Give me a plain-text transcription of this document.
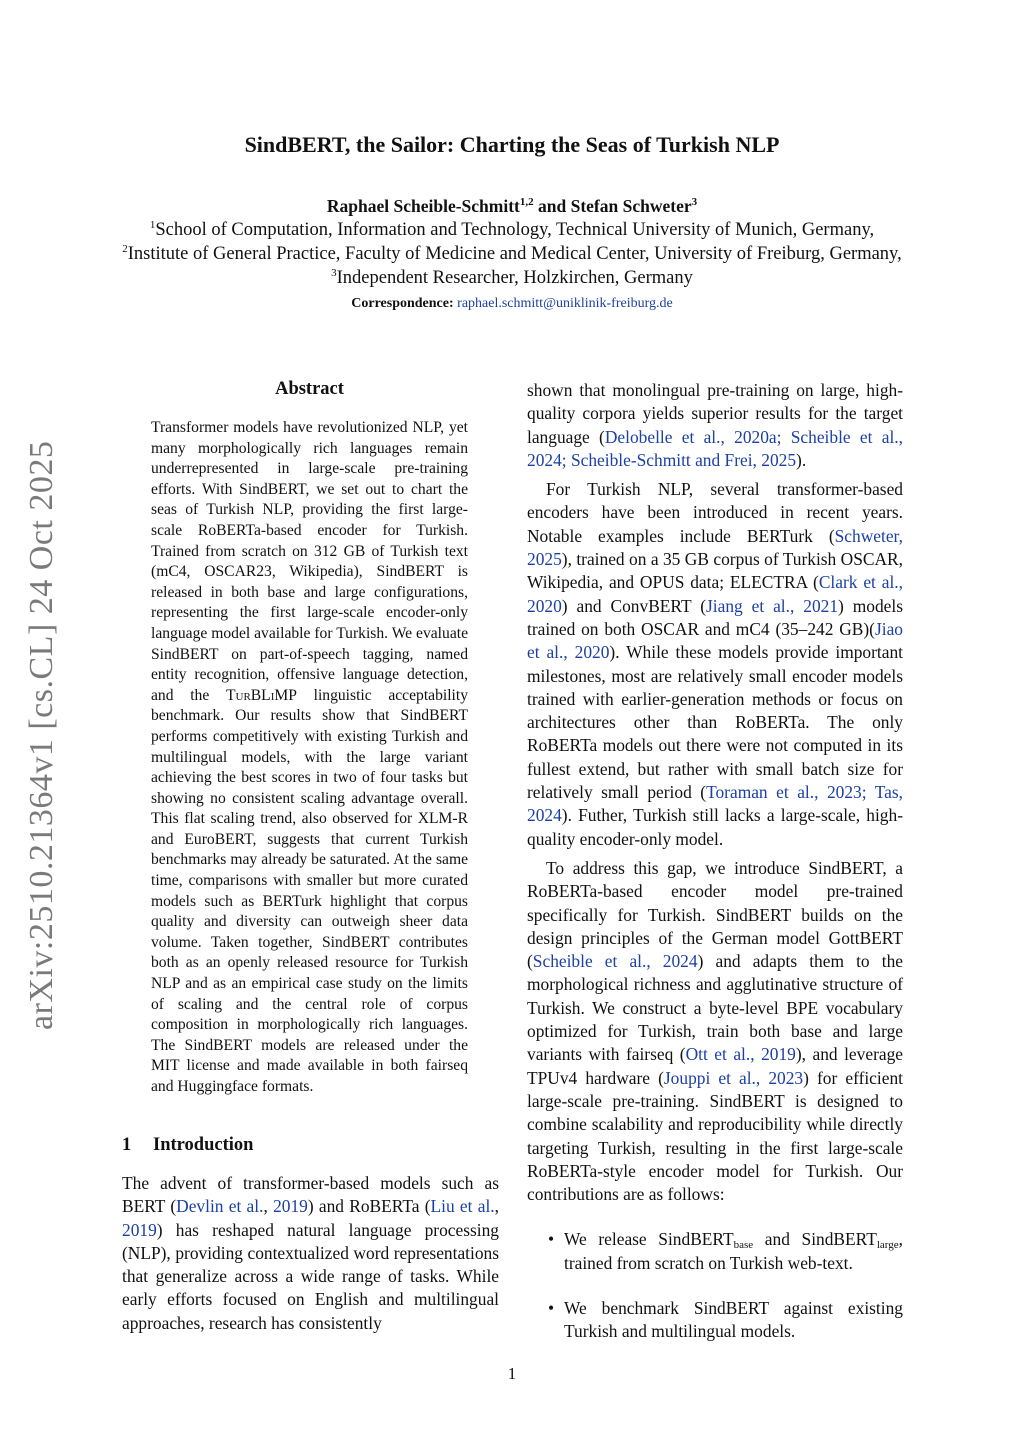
SindBERT, the Sailor: Charting the Seas of Turkish NLP
Raphael Scheible-Schmitt$^{1,2}$ and Stefan Schweter$^3$
$^1$School of Computation, Information and Technology, Technical University of Munich, Germany,
$^2$Institute of General Practice, Faculty of Medicine and Medical Center, University of Freiburg, Germany,
$^3$Independent Researcher, Holzkirchen, Germany
Correspondence: raphael.schmitt@uniklinik-freiburg.de
arXiv:2510.21364v1 [cs.CL] 24 Oct 2025
Abstract

Transformer models have revolutionized NLP, yet many morphologically rich languages remain underrepresented in large-scale pre-training efforts. With SindBERT, we set out to chart the seas of Turkish NLP, providing the first large-scale RoBERTa-based encoder for Turkish. Trained from scratch on 312 GB of Turkish text (mC4, OSCAR23, Wikipedia), SindBERT is released in both base and large configurations, representing the first large-scale encoder-only language model available for Turkish. We evaluate SindBERT on part-of-speech tagging, named entity recognition, offensive language detection, and the TurBLiMP linguistic acceptability benchmark. Our results show that SindBERT performs competitively with existing Turkish and multilingual models, with the large variant achieving the best scores in two of four tasks but showing no consistent scaling advantage overall. This flat scaling trend, also observed for XLM-R and EuroBERT, suggests that current Turkish benchmarks may already be saturated. At the same time, comparisons with smaller but more curated models such as BERTurk highlight that corpus quality and diversity can outweigh sheer data volume. Taken together, SindBERT contributes both as an openly released resource for Turkish NLP and as an empirical case study on the limits of scaling and the central role of corpus composition in morphologically rich languages. The SindBERT models are released under the MIT license and made available in both fairseq and Huggingface formats.

1 Introduction

The advent of transformer-based models such as BERT (Devlin et al., 2019) and RoBERTa (Liu et al., 2019) has reshaped natural language processing (NLP), providing contextualized word representations that generalize across a wide range of tasks. While early efforts focused on English and multilingual approaches, research has consistently

shown that monolingual pre-training on large, high-quality corpora yields superior results for the target language (Delobelle et al., 2020a; Scheible et al., 2024; Scheible-Schmitt and Frei, 2025).

For Turkish NLP, several transformer-based encoders have been introduced in recent years. Notable examples include BERTurk (Schweter, 2025), trained on a 35 GB corpus of Turkish OSCAR, Wikipedia, and OPUS data; ELECTRA (Clark et al., 2020) and ConvBERT (Jiang et al., 2021) models trained on both OSCAR and mC4 (35–242 GB)(Jiao et al., 2020). While these models provide important milestones, most are relatively small encoder models trained with earlier-generation methods or focus on architectures other than RoBERTa. The only RoBERTa models out there were not computed in its fullest extend, but rather with small batch size for relatively small period (Toraman et al., 2023; Tas, 2024). Futher, Turkish still lacks a large-scale, high-quality encoder-only model.

To address this gap, we introduce SindBERT, a RoBERTa-based encoder model pre-trained specifically for Turkish. SindBERT builds on the design principles of the German model GottBERT (Scheible et al., 2024) and adapts them to the morphological richness and agglutinative structure of Turkish. We construct a byte-level BPE vocabulary optimized for Turkish, train both base and large variants with fairseq (Ott et al., 2019), and leverage TPUv4 hardware (Jouppi et al., 2023) for efficient large-scale pre-training. SindBERT is designed to combine scalability and reproducibility while directly targeting Turkish, resulting in the first large-scale RoBERTa-style encoder model for Turkish. Our contributions are as follows:

• We release SindBERT$_{base}$ and SindBERT$_{large}$, trained from scratch on Turkish web-text.
• We benchmark SindBERT against existing Turkish and multilingual models.
1
